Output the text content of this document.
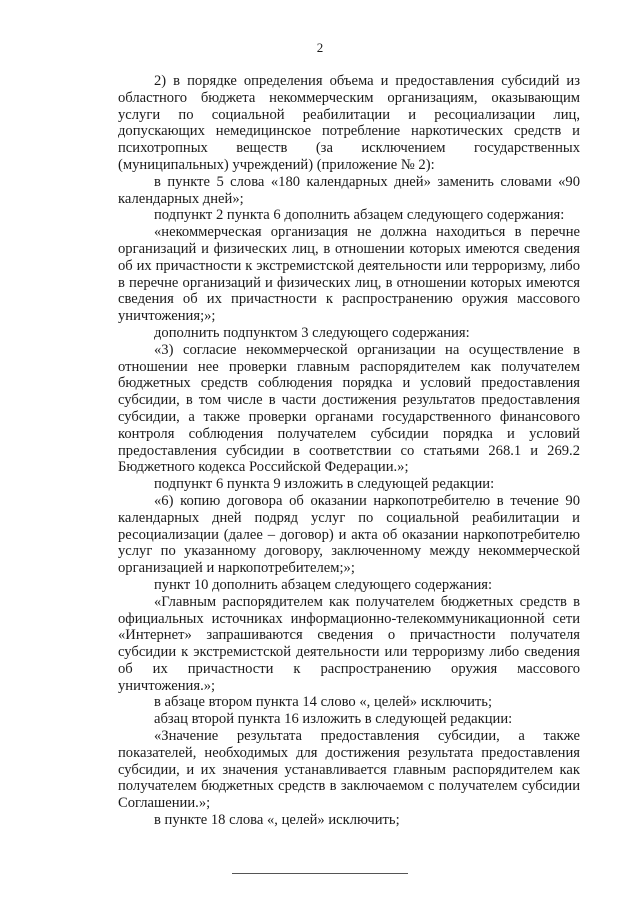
2

2) в порядке определения объема и предоставления субсидий из областного бюджета некоммерческим организациям, оказывающим услуги по социальной реабилитации и ресоциализации лиц, допускающих немедицинское потребление наркотических средств и психотропных веществ (за исключением государственных (муниципальных) учреждений) (приложение № 2):

в пункте 5 слова «180 календарных дней» заменить словами «90 календарных дней»;

подпункт 2 пункта 6 дополнить абзацем следующего содержания:

«некоммерческая организация не должна находиться в перечне организаций и физических лиц, в отношении которых имеются сведения об их причастности к экстремистской деятельности или терроризму, либо в перечне организаций и физических лиц, в отношении которых имеются сведения об их причастности к распространению оружия массового уничтожения;»;

дополнить подпунктом 3 следующего содержания:

«3) согласие некоммерческой организации на осуществление в отношении нее проверки главным распорядителем как получателем бюджетных средств соблюдения порядка и условий предоставления субсидии, в том числе в части достижения результатов предоставления субсидии, а также проверки органами государственного финансового контроля соблюдения получателем субсидии порядка и условий предоставления субсидии в соответствии со статьями 268.1 и 269.2 Бюджетного кодекса Российской Федерации.»;

подпункт 6 пункта 9 изложить в следующей редакции:

«6) копию договора об оказании наркопотребителю в течение 90 календарных дней подряд услуг по социальной реабилитации и ресоциализации (далее – договор) и акта об оказании наркопотребителю услуг по указанному договору, заключенному между некоммерческой организацией и наркопотребителем;»;

пункт 10 дополнить абзацем следующего содержания:

«Главным распорядителем как получателем бюджетных средств в официальных источниках информационно-телекоммуникационной сети «Интернет» запрашиваются сведения о причастности получателя субсидии к экстремистской деятельности или терроризму либо сведения об их причастности к распространению оружия массового уничтожения.»;

в абзаце втором пункта 14 слово «, целей» исключить;

абзац второй пункта 16 изложить в следующей редакции:

«Значение результата предоставления субсидии, а также показателей, необходимых для достижения результата предоставления субсидии, и их значения устанавливается главным распорядителем как получателем бюджетных средств в заключаемом с получателем субсидии Соглашении.»;

в пункте 18 слова «, целей» исключить;
